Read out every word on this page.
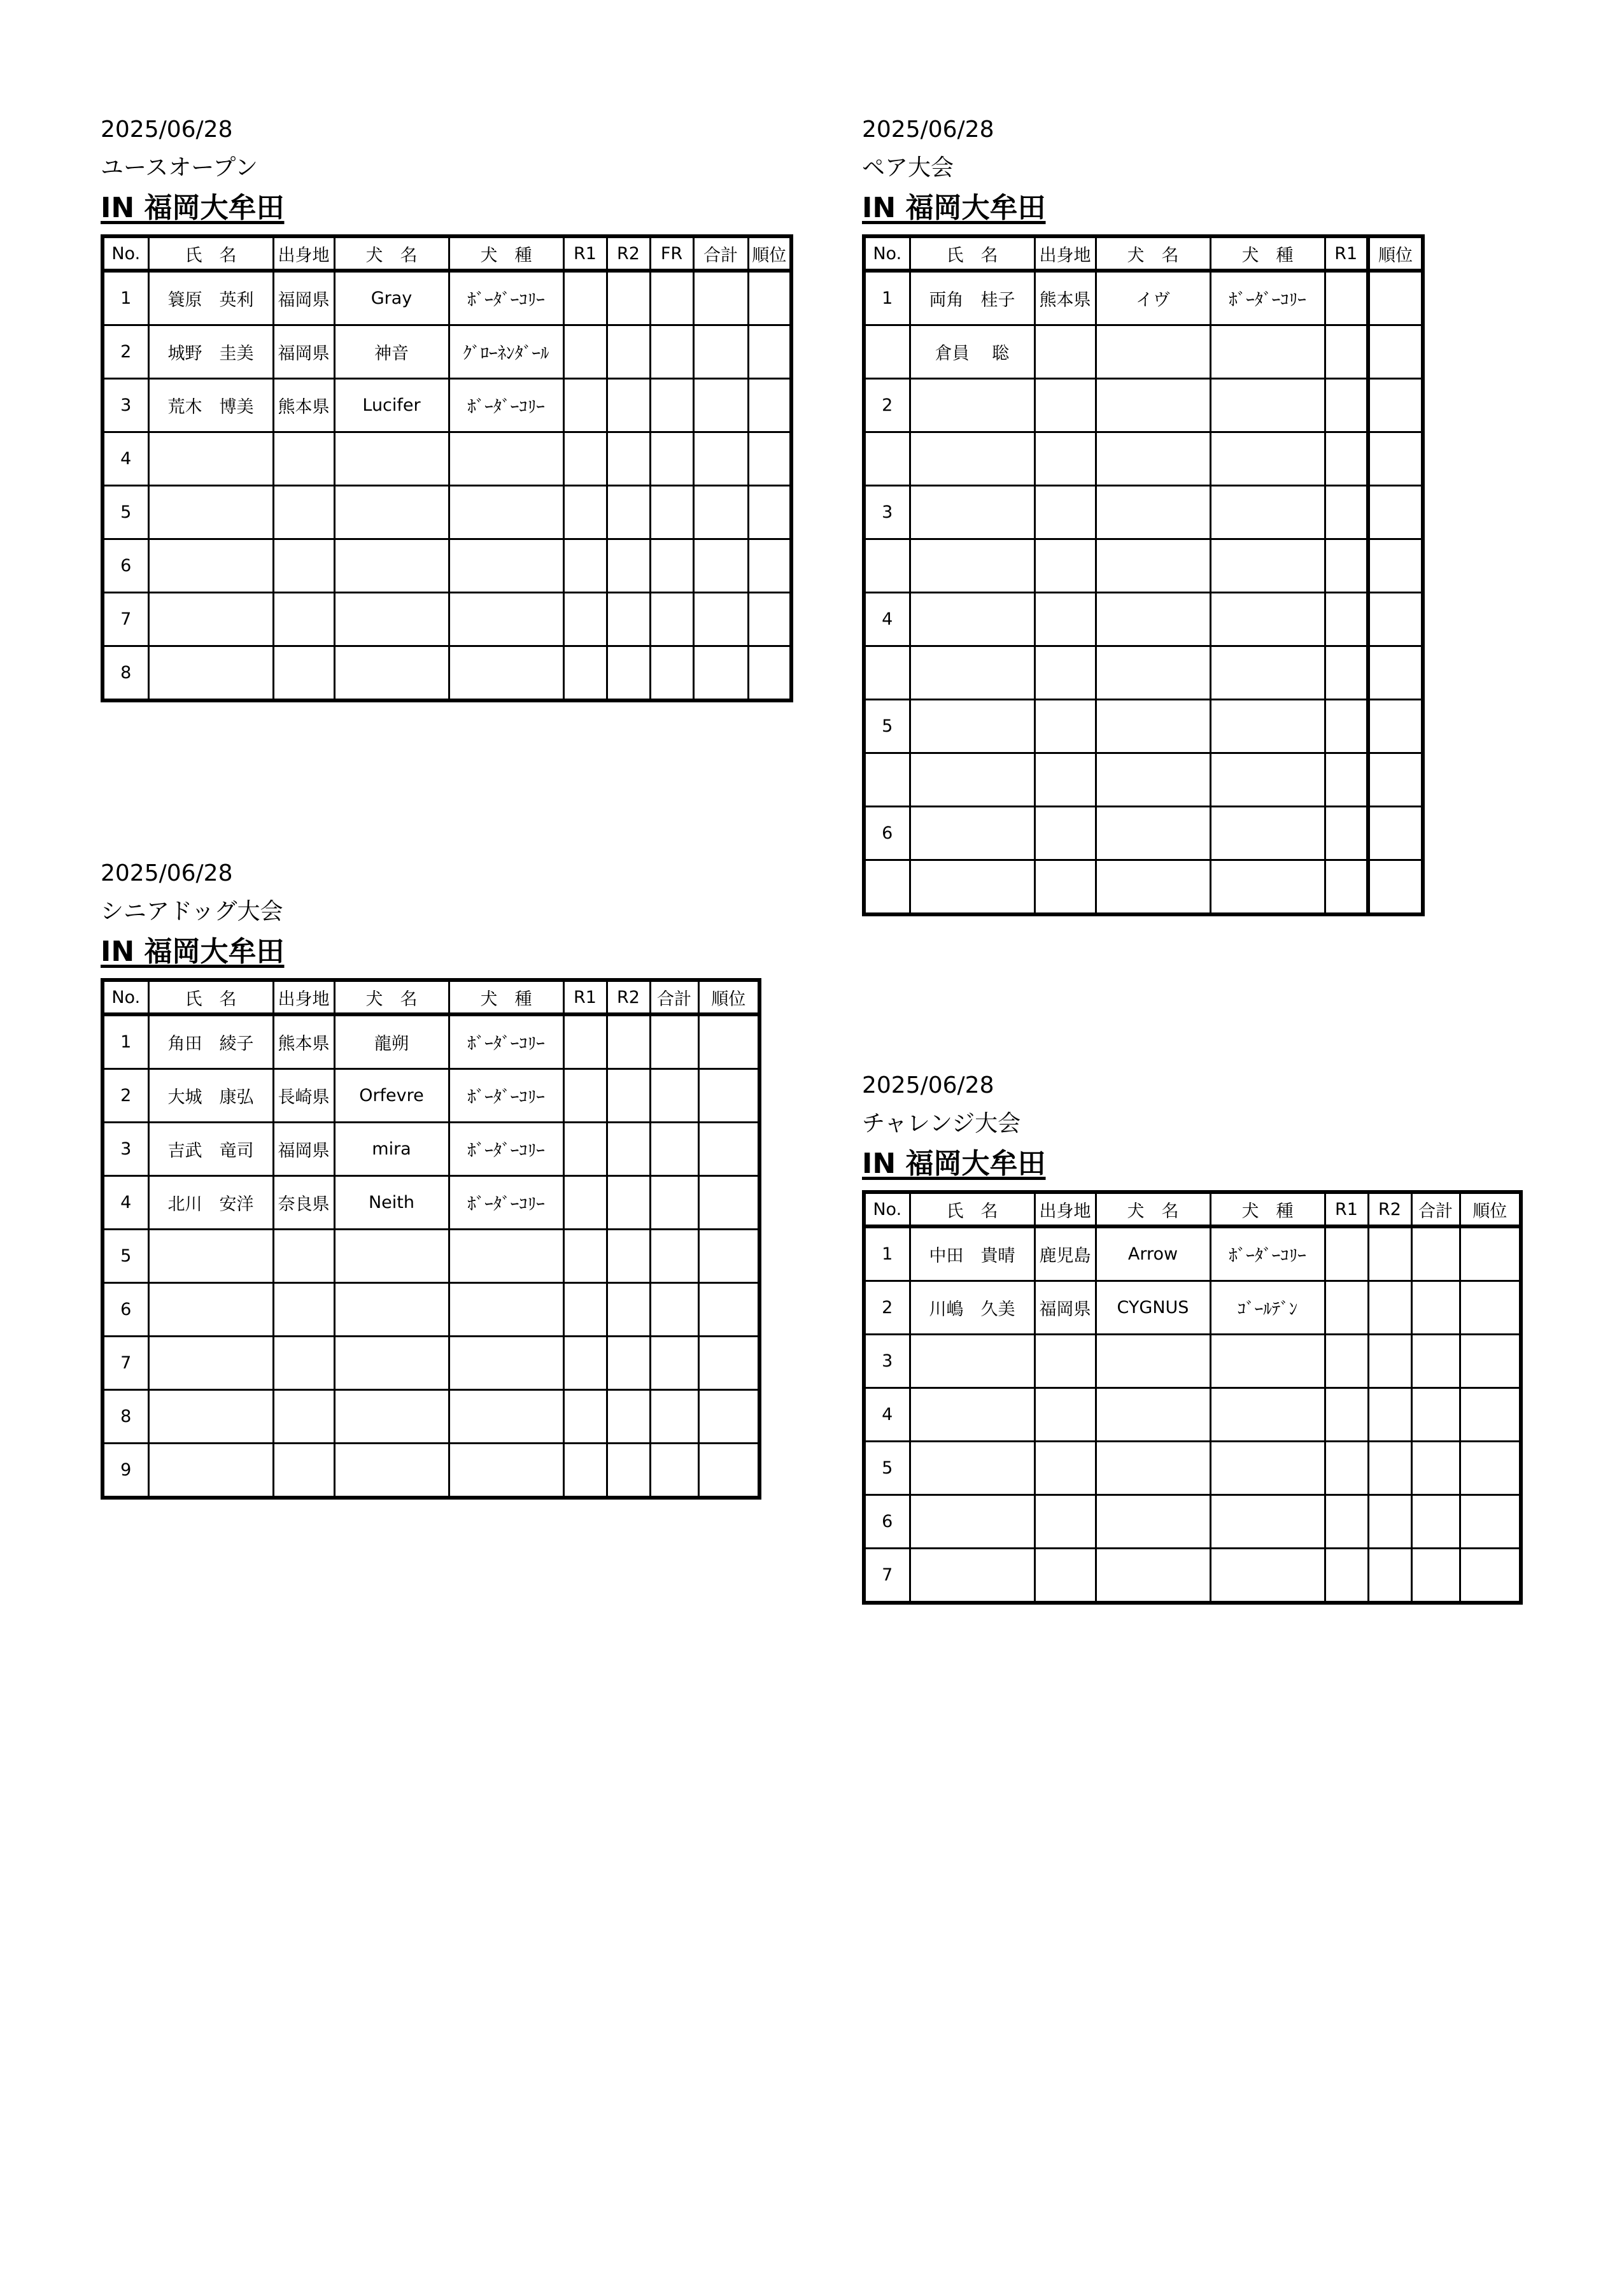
2025/06/28
ユースオープン
IN 福岡大牟田
No.	氏　名	出身地	犬　名	犬　種	R1	R2	FR	合計	順位
1	簑原　英利	福岡県	Gray	ﾎﾞｰﾀﾞｰｺﾘｰ					
2	城野　圭美	福岡県	神音	ｸﾞﾛｰﾈﾝﾀﾞｰﾙ					
3	荒木　博美	熊本県	Lucifer	ﾎﾞｰﾀﾞｰｺﾘｰ					
4									
5									
6									
7									
8									
2025/06/28
ペア大会
IN 福岡大牟田
No.	氏　名	出身地	犬　名	犬　種	R1	順位
1	両角　桂子	熊本県	イヴ	ﾎﾞｰﾀﾞｰｺﾘｰ		
	倉員　 聡					
2						

3						

4						

5						

6						

2025/06/28
シニアドッグ大会
IN 福岡大牟田
No.	氏　名	出身地	犬　名	犬　種	R1	R2	合計	順位
1	角田　綾子	熊本県	龍朔	ﾎﾞｰﾀﾞｰｺﾘｰ				
2	大城　康弘	長崎県	Orfevre	ﾎﾞｰﾀﾞｰｺﾘｰ				
3	吉武　竜司	福岡県	mira	ﾎﾞｰﾀﾞｰｺﾘｰ				
4	北川　安洋	奈良県	Neith	ﾎﾞｰﾀﾞｰｺﾘｰ				
5								
6								
7								
8								
9								
2025/06/28
チャレンジ大会
IN 福岡大牟田
No.	氏　名	出身地	犬　名	犬　種	R1	R2	合計	順位
1	中田　貴晴	鹿児島	Arrow	ﾎﾞｰﾀﾞｰｺﾘｰ				
2	川嶋　久美	福岡県	CYGNUS	ｺﾞｰﾙﾃﾞﾝ				
3								
4								
5								
6								
7								
